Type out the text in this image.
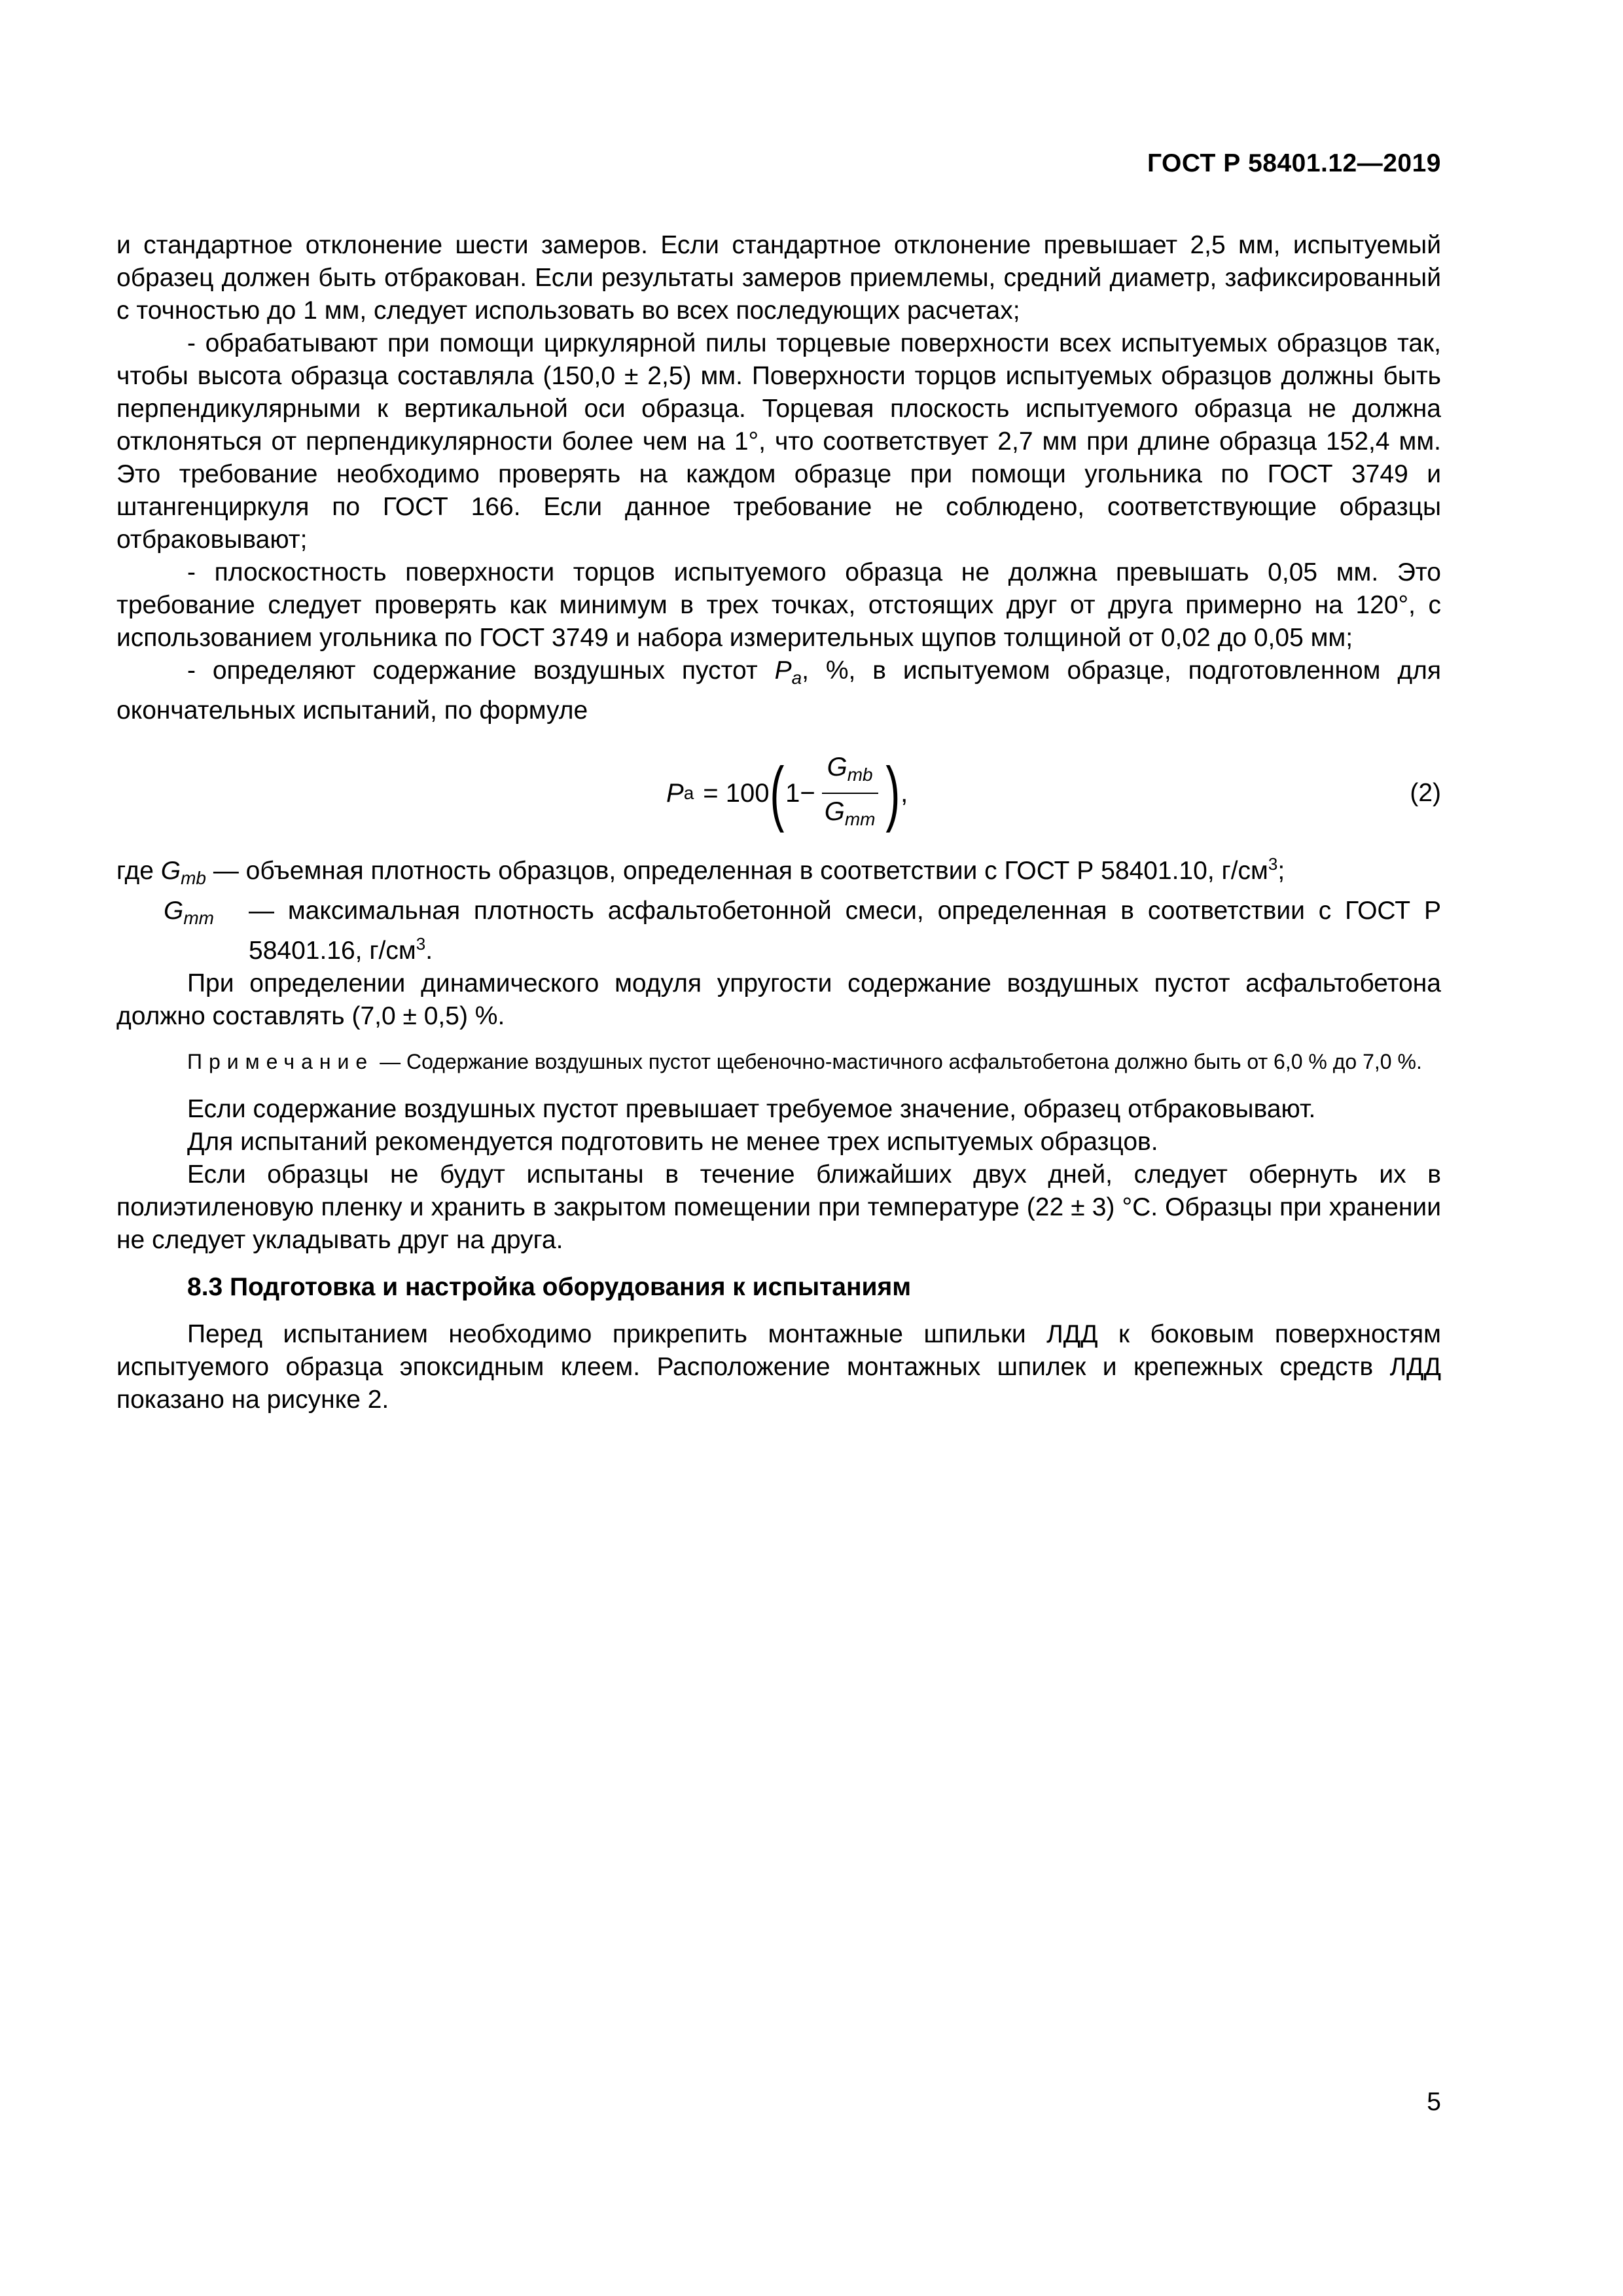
ГОСТ Р 58401.12—2019

и стандартное отклонение шести замеров. Если стандартное отклонение превышает 2,5 мм, испытуемый образец должен быть отбракован. Если результаты замеров приемлемы, средний диаметр, зафиксированный с точностью до 1 мм, следует использовать во всех последующих расчетах;

- обрабатывают при помощи циркулярной пилы торцевые поверхности всех испытуемых образцов так, чтобы высота образца составляла (150,0 ± 2,5) мм. Поверхности торцов испытуемых образцов должны быть перпендикулярными к вертикальной оси образца. Торцевая плоскость испытуемого образца не должна отклоняться от перпендикулярности более чем на 1°, что соответствует 2,7 мм при длине образца 152,4 мм. Это требование необходимо проверять на каждом образце при помощи угольника по ГОСТ 3749 и штангенциркуля по ГОСТ 166. Если данное требование не соблюдено, соответствующие образцы отбраковывают;

- плоскостность поверхности торцов испытуемого образца не должна превышать 0,05 мм. Это требование следует проверять как минимум в трех точках, отстоящих друг от друга примерно на 120°, с использованием угольника по ГОСТ 3749 и набора измерительных щупов толщиной от 0,02 до 0,05 мм;

- определяют содержание воздушных пустот $P_a$, %, в испытуемом образце, подготовленном для окончательных испытаний, по формуле

P a = 100 ( $1- \frac{G_{mb}}{G_{mm}}$ ) ,	(2)

где $G_{mb}$ — объемная плотность образцов, определенная в соответствии с ГОСТ Р 58401.10, $г/см^3$;

$G_{mm}$	— максимальная плотность асфальтобетонной смеси, определенная в соответствии с ГОСТ Р 58401.16, $г/см^3$.

При определении динамического модуля упругости содержание воздушных пустот асфальтобетона должно составлять (7,0 ± 0,5) %.

Примечание — Содержание воздушных пустот щебеночно-мастичного асфальтобетона должно быть от 6,0 % до 7,0 %.

Если содержание воздушных пустот превышает требуемое значение, образец отбраковывают.

Для испытаний рекомендуется подготовить не менее трех испытуемых образцов.

Если образцы не будут испытаны в течение ближайших двух дней, следует обернуть их в полиэтиленовую пленку и хранить в закрытом помещении при температуре (22 ± 3) °С. Образцы при хранении не следует укладывать друг на друга.

8.3 Подготовка и настройка оборудования к испытаниям

Перед испытанием необходимо прикрепить монтажные шпильки ЛДД к боковым поверхностям испытуемого образца эпоксидным клеем. Расположение монтажных шпилек и крепежных средств ЛДД показано на рисунке 2.

5
